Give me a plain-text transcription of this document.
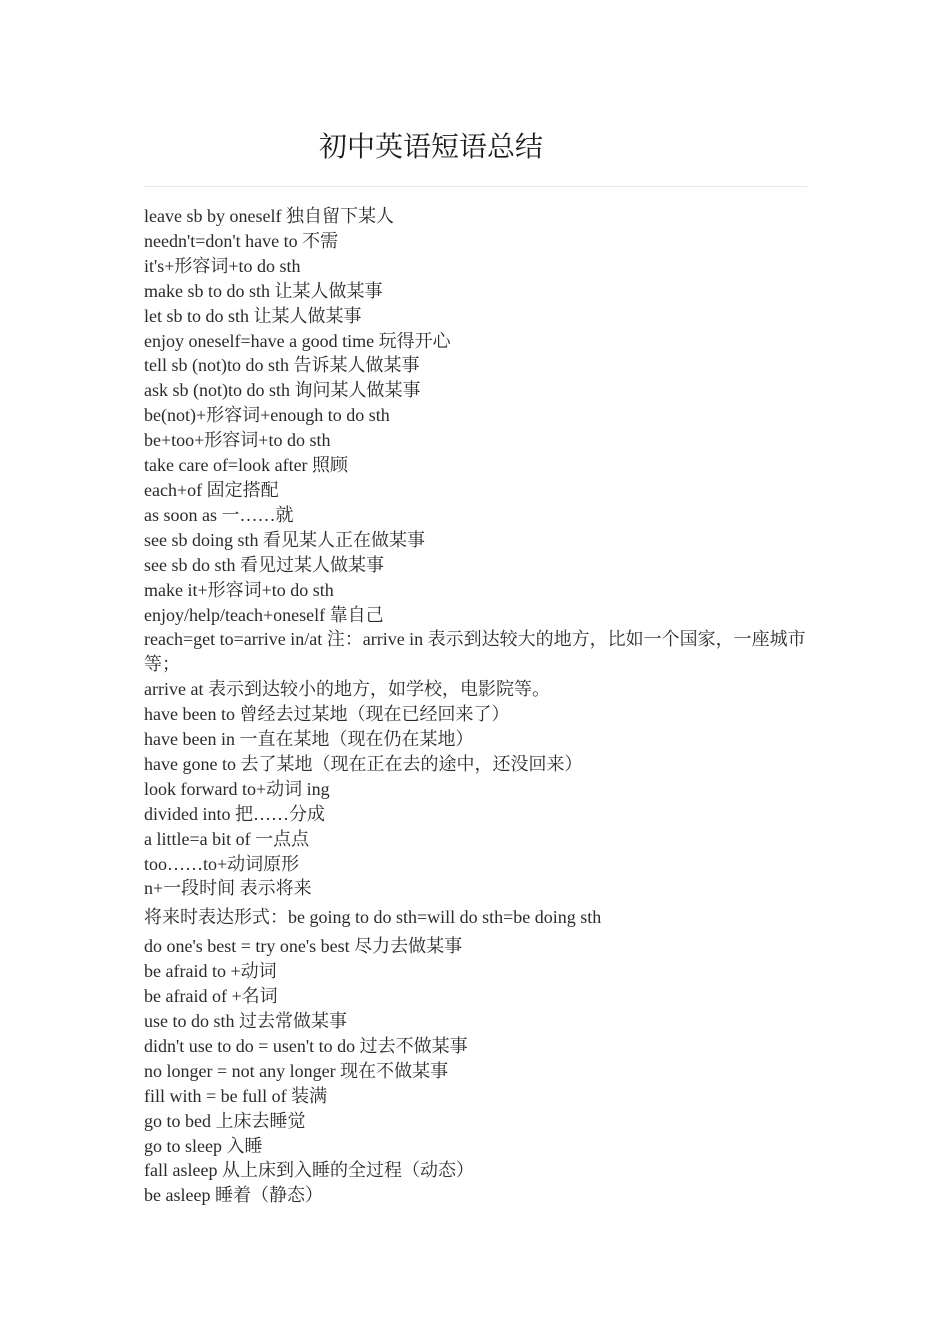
初中英语短语总结
leave sb by oneself 独自留下某人
needn't=don't have to 不需
it's+形容词+to do sth
make sb to do sth 让某人做某事
let sb to do sth 让某人做某事
enjoy oneself=have a good time 玩得开心
tell sb (not)to do sth 告诉某人做某事
ask sb (not)to do sth 询问某人做某事
be(not)+形容词+enough to do sth
be+too+形容词+to do sth
take care of=look after 照顾
each+of 固定搭配
as soon as 一……就
see sb doing sth 看见某人正在做某事
see sb do sth 看见过某人做某事
make it+形容词+to do sth
enjoy/help/teach+oneself 靠自己
reach=get to=arrive in/at 注：arrive in 表示到达较大的地方，比如一个国家，一座城市等；
arrive at 表示到达较小的地方，如学校，电影院等。
have been to 曾经去过某地（现在已经回来了）
have been in 一直在某地（现在仍在某地）
have gone to 去了某地（现在正在去的途中，还没回来）
look forward to+动词 ing
divided into 把……分成
a little=a bit of 一点点
too……to+动词原形
n+一段时间 表示将来
将来时表达形式：be going to do sth=will do sth=be doing sth
do one's best = try one's best 尽力去做某事
be afraid to +动词
be afraid of +名词
use to do sth 过去常做某事
didn't use to do = usen't to do 过去不做某事
no longer = not any longer 现在不做某事
fill with = be full of 装满
go to bed 上床去睡觉
go to sleep 入睡
fall asleep 从上床到入睡的全过程（动态）
be asleep 睡着（静态）
